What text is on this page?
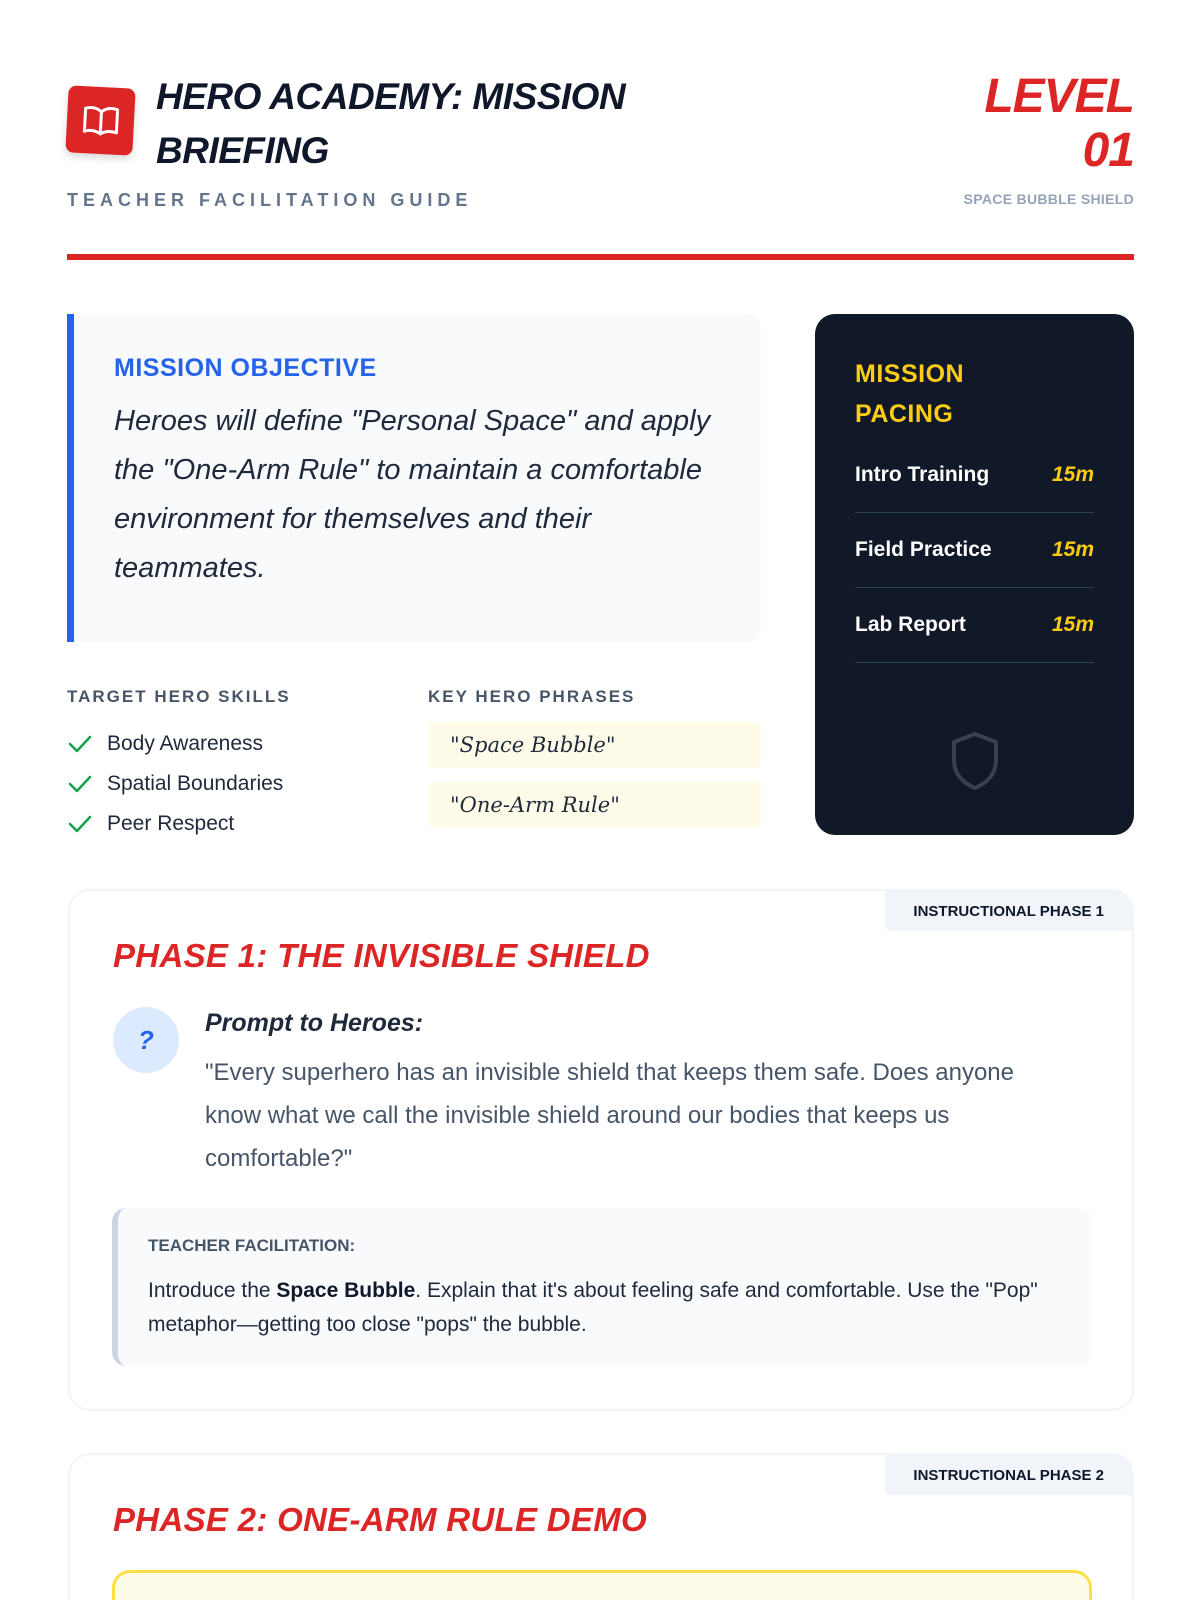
HERO ACADEMY: MISSION BRIEFING
TEACHER FACILITATION GUIDE
LEVEL
01
SPACE BUBBLE SHIELD
MISSION OBJECTIVE
Heroes will define "Personal Space" and apply the "One-Arm Rule" to maintain a comfortable environment for themselves and their teammates.
MISSION PACING
Intro Training	15m
Field Practice	15m
Lab Report	15m
TARGET HERO SKILLS
Body Awareness
Spatial Boundaries
Peer Respect
KEY HERO PHRASES
"Space Bubble"
"One-Arm Rule"
INSTRUCTIONAL PHASE 1
PHASE 1: THE INVISIBLE SHIELD
?
Prompt to Heroes:
"Every superhero has an invisible shield that keeps them safe. Does anyone know what we call the invisible shield around our bodies that keeps us comfortable?"
TEACHER FACILITATION:
Introduce the Space Bubble. Explain that it's about feeling safe and comfortable. Use the "Pop" metaphor—getting too close "pops" the bubble.
INSTRUCTIONAL PHASE 2
PHASE 2: ONE-ARM RULE DEMO
